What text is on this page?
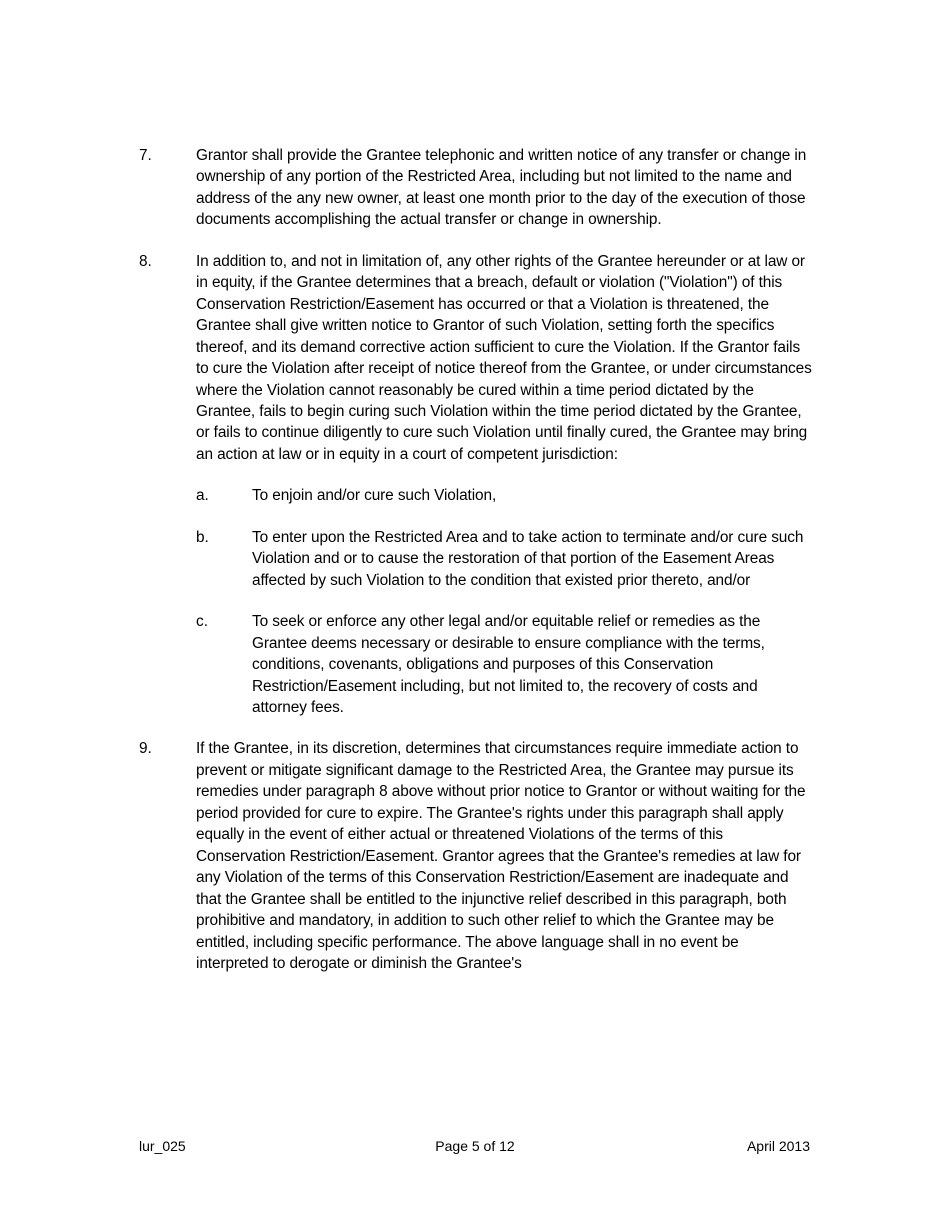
7.	Grantor shall provide the Grantee telephonic and written notice of any transfer or change in ownership of any portion of the Restricted Area, including but not limited to the name and address of the any new owner, at least one month prior to the day of the execution of those documents accomplishing the actual transfer or change in ownership.
8.	In addition to, and not in limitation of, any other rights of the Grantee hereunder or at law or in equity, if the Grantee determines that a breach, default or violation ("Violation") of this Conservation Restriction/Easement has occurred or that a Violation is threatened, the Grantee shall give written notice to Grantor of such Violation, setting forth the specifics thereof, and its demand corrective action sufficient to cure the Violation. If the Grantor fails to cure the Violation after receipt of notice thereof from the Grantee, or under circumstances where the Violation cannot reasonably be cured within a time period dictated by the Grantee, fails to begin curing such Violation within the time period dictated by the Grantee, or fails to continue diligently to cure such Violation until finally cured, the Grantee may bring an action at law or in equity in a court of competent jurisdiction:
a.	To enjoin and/or cure such Violation,
b.	To enter upon the Restricted Area and to take action to terminate and/or cure such Violation and or to cause the restoration of that portion of the Easement Areas affected by such Violation to the condition that existed prior thereto, and/or
c.	To seek or enforce any other legal and/or equitable relief or remedies as the Grantee deems necessary or desirable to ensure compliance with the terms, conditions, covenants, obligations and purposes of this Conservation Restriction/Easement including, but not limited to, the recovery of costs and attorney fees.
9.	If the Grantee, in its discretion, determines that circumstances require immediate action to prevent or mitigate significant damage to the Restricted Area, the Grantee may pursue its remedies under paragraph 8 above without prior notice to Grantor or without waiting for the period provided for cure to expire. The Grantee's rights under this paragraph shall apply equally in the event of either actual or threatened Violations of the terms of this Conservation Restriction/Easement. Grantor agrees that the Grantee's remedies at law for any Violation of the terms of this Conservation Restriction/Easement are inadequate and that the Grantee shall be entitled to the injunctive relief described in this paragraph, both prohibitive and mandatory, in addition to such other relief to which the Grantee may be entitled, including specific performance. The above language shall in no event be interpreted to derogate or diminish the Grantee's
lur_025	Page 5 of 12	April 2013
